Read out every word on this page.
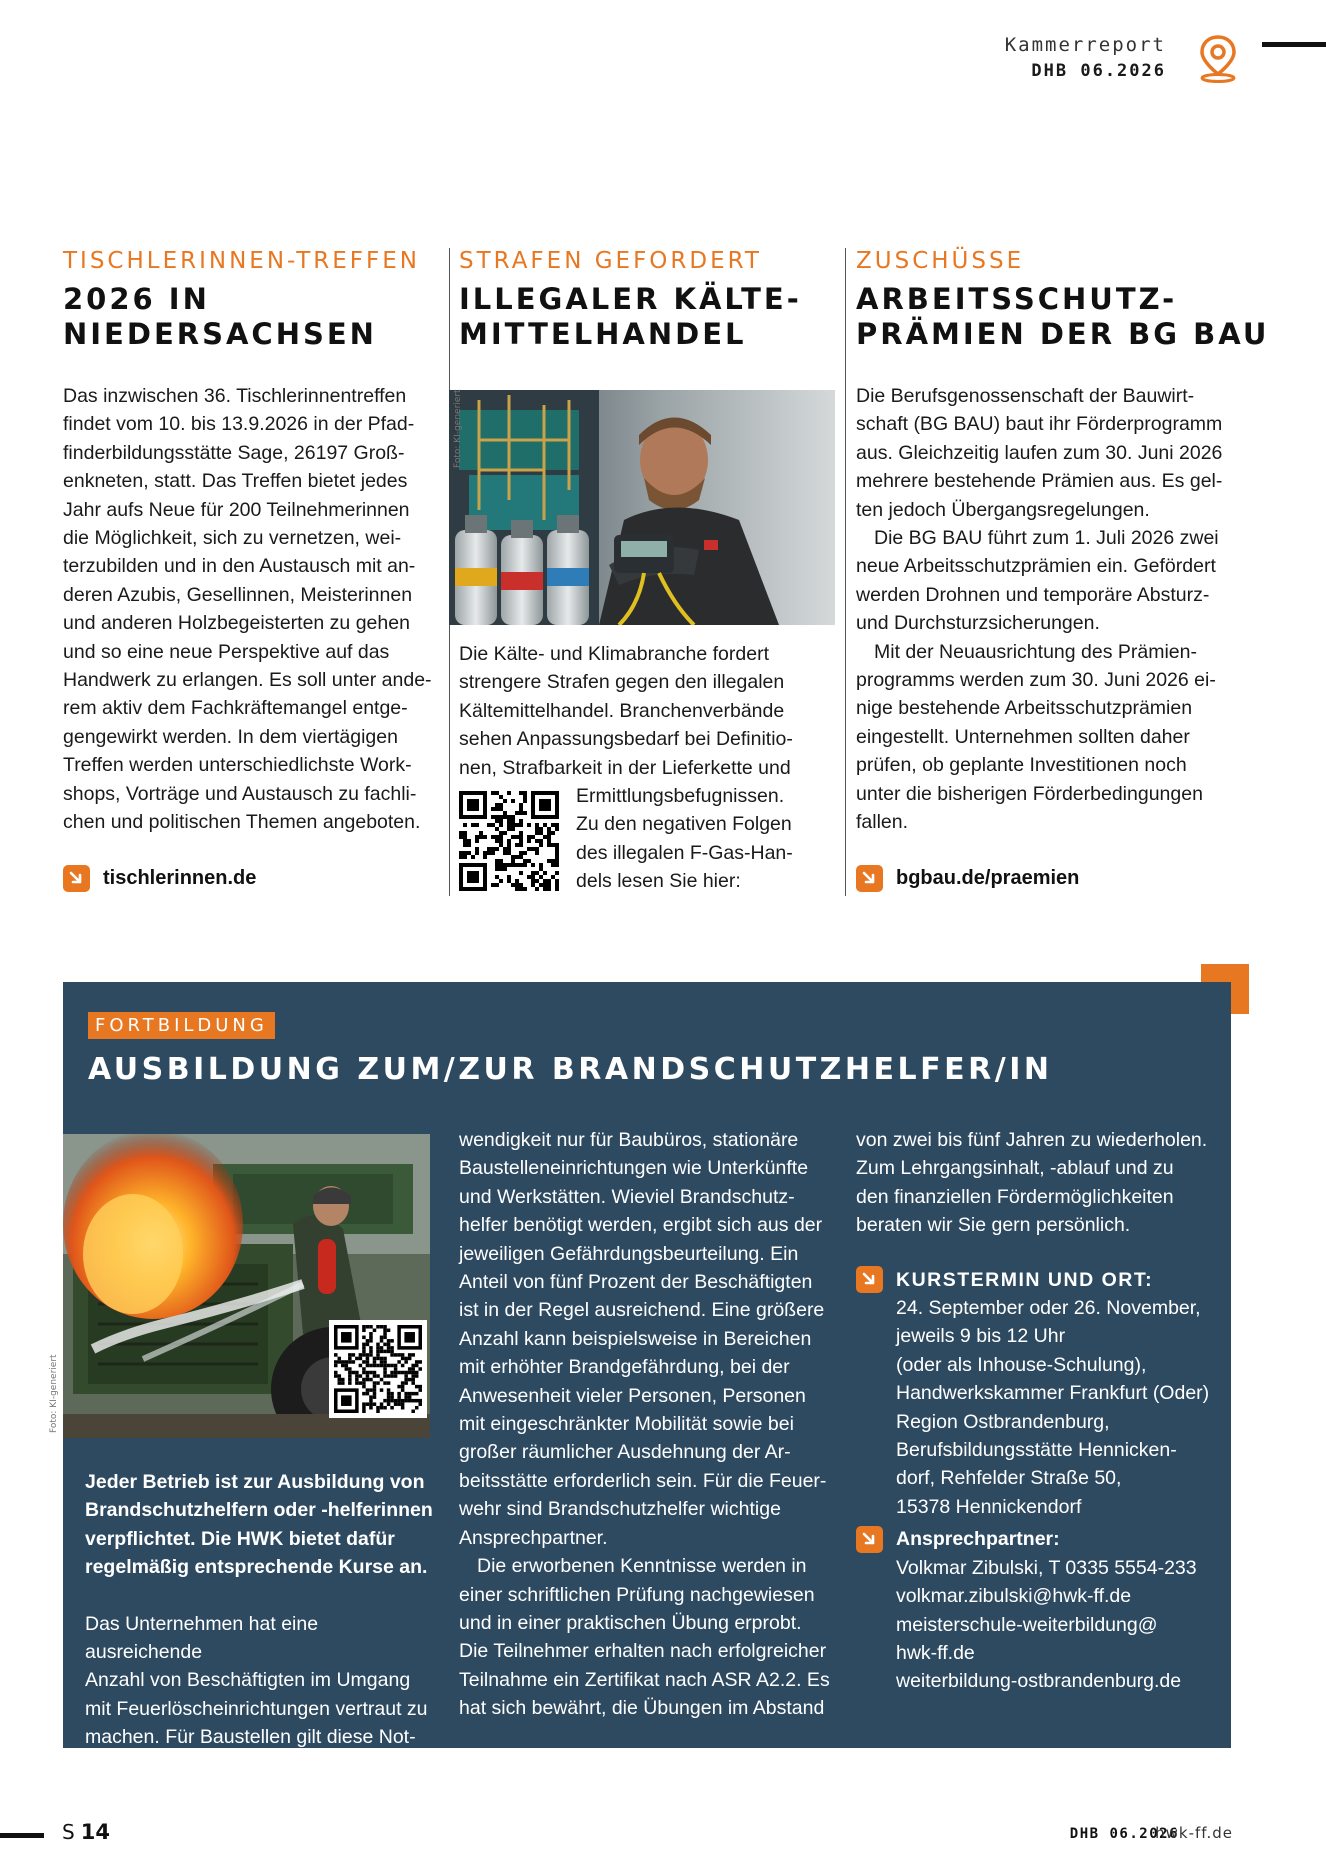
Kammerreport
DHB 06.2026
TISCHLERINNEN-TREFFEN
2026 IN
NIEDERSACHSEN
Das inzwischen 36. Tischlerinnentreffen
findet vom 10. bis 13.9.2026 in der Pfad-
finderbildungsstätte Sage, 26197 Groß-
enkneten, statt. Das Treffen bietet jedes
Jahr aufs Neue für 200 Teilnehmerinnen
die Möglichkeit, sich zu vernetzen, wei-
terzubilden und in den Austausch mit an-
deren Azubis, Gesellinnen, Meisterinnen
und anderen Holzbegeisterten zu gehen
und so eine neue Perspektive auf das
Handwerk zu erlangen. Es soll unter ande-
rem aktiv dem Fachkräftemangel entge-
gengewirkt werden. In dem viertägigen
Treffen werden unterschiedlichste Work-
shops, Vorträge und Austausch zu fachli-
chen und politischen Themen angeboten.
tischlerinnen.de
STRAFEN GEFORDERT
ILLEGALER KÄLTE-
MITTELHANDEL
Foto: KI-generiert
Die Kälte- und Klimabranche fordert
strengere Strafen gegen den illegalen
Kältemittelhandel. Branchenverbände
sehen Anpassungsbedarf bei Definitio-
nen, Strafbarkeit in der Lieferkette und
Ermittlungsbefugnissen.
Zu den negativen Folgen
des illegalen F-Gas-Han-
dels lesen Sie hier:
ZUSCHÜSSE
ARBEITSSCHUTZ-
PRÄMIEN DER BG BAU
Die Berufsgenossenschaft der Bauwirt-
schaft (BG BAU) baut ihr Förderprogramm
aus. Gleichzeitig laufen zum 30. Juni 2026
mehrere bestehende Prämien aus. Es gel-
ten jedoch Übergangsregelungen.
Die BG BAU führt zum 1. Juli 2026 zwei
neue Arbeitsschutzprämien ein. Gefördert
werden Drohnen und temporäre Absturz-
und Durchsturzsicherungen.
Mit der Neuausrichtung des Prämien-
programms werden zum 30. Juni 2026 ei-
nige bestehende Arbeitsschutzprämien
eingestellt. Unternehmen sollten daher
prüfen, ob geplante Investitionen noch
unter die bisherigen Förderbedingungen
fallen.
bgbau.de/praemien
FORTBILDUNG
AUSBILDUNG ZUM/ZUR BRANDSCHUTZHELFER/IN
Foto: KI-generiert
Jeder Betrieb ist zur Ausbildung von
Brandschutzhelfern oder -helferinnen
verpflichtet. Die HWK bietet dafür
regelmäßig entsprechende Kurse an.
Das Unternehmen hat eine ausreichende
Anzahl von Beschäftigten im Umgang
mit Feuerlöscheinrichtungen vertraut zu
machen. Für Baustellen gilt diese Not-
wendigkeit nur für Baubüros, stationäre
Baustelleneinrichtungen wie Unterkünfte
und Werkstätten. Wieviel Brandschutz-
helfer benötigt werden, ergibt sich aus der
jeweiligen Gefährdungsbeurteilung. Ein
Anteil von fünf Prozent der Beschäftigten
ist in der Regel ausreichend. Eine größere
Anzahl kann beispielsweise in Bereichen
mit erhöhter Brandgefährdung, bei der
Anwesenheit vieler Personen, Personen
mit eingeschränkter Mobilität sowie bei
großer räumlicher Ausdehnung der Ar-
beitsstätte erforderlich sein. Für die Feuer-
wehr sind Brandschutzhelfer wichtige
Ansprechpartner.
Die erworbenen Kenntnisse werden in
einer schriftlichen Prüfung nachgewiesen
und in einer praktischen Übung erprobt.
Die Teilnehmer erhalten nach erfolgreicher
Teilnahme ein Zertifikat nach ASR A2.2. Es
hat sich bewährt, die Übungen im Abstand
von zwei bis fünf Jahren zu wiederholen.
Zum Lehrgangsinhalt, -ablauf und zu
den finanziellen Fördermöglichkeiten
beraten wir Sie gern persönlich.
KURSTERMIN UND ORT:
24. September oder 26. November,
jeweils 9 bis 12 Uhr
(oder als Inhouse-Schulung),
Handwerkskammer Frankfurt (Oder)
Region Ostbrandenburg,
Berufsbildungsstätte Hennicken-
dorf, Rehfelder Straße 50,
15378 Hennickendorf
Ansprechpartner:
Volkmar Zibulski, T 0335 5554-233
volkmar.zibulski@hwk-ff.de
meisterschule-weiterbildung@
hwk-ff.de
weiterbildung-ostbrandenburg.de
S 14	DHB 06.2026
hwk-ff.de
